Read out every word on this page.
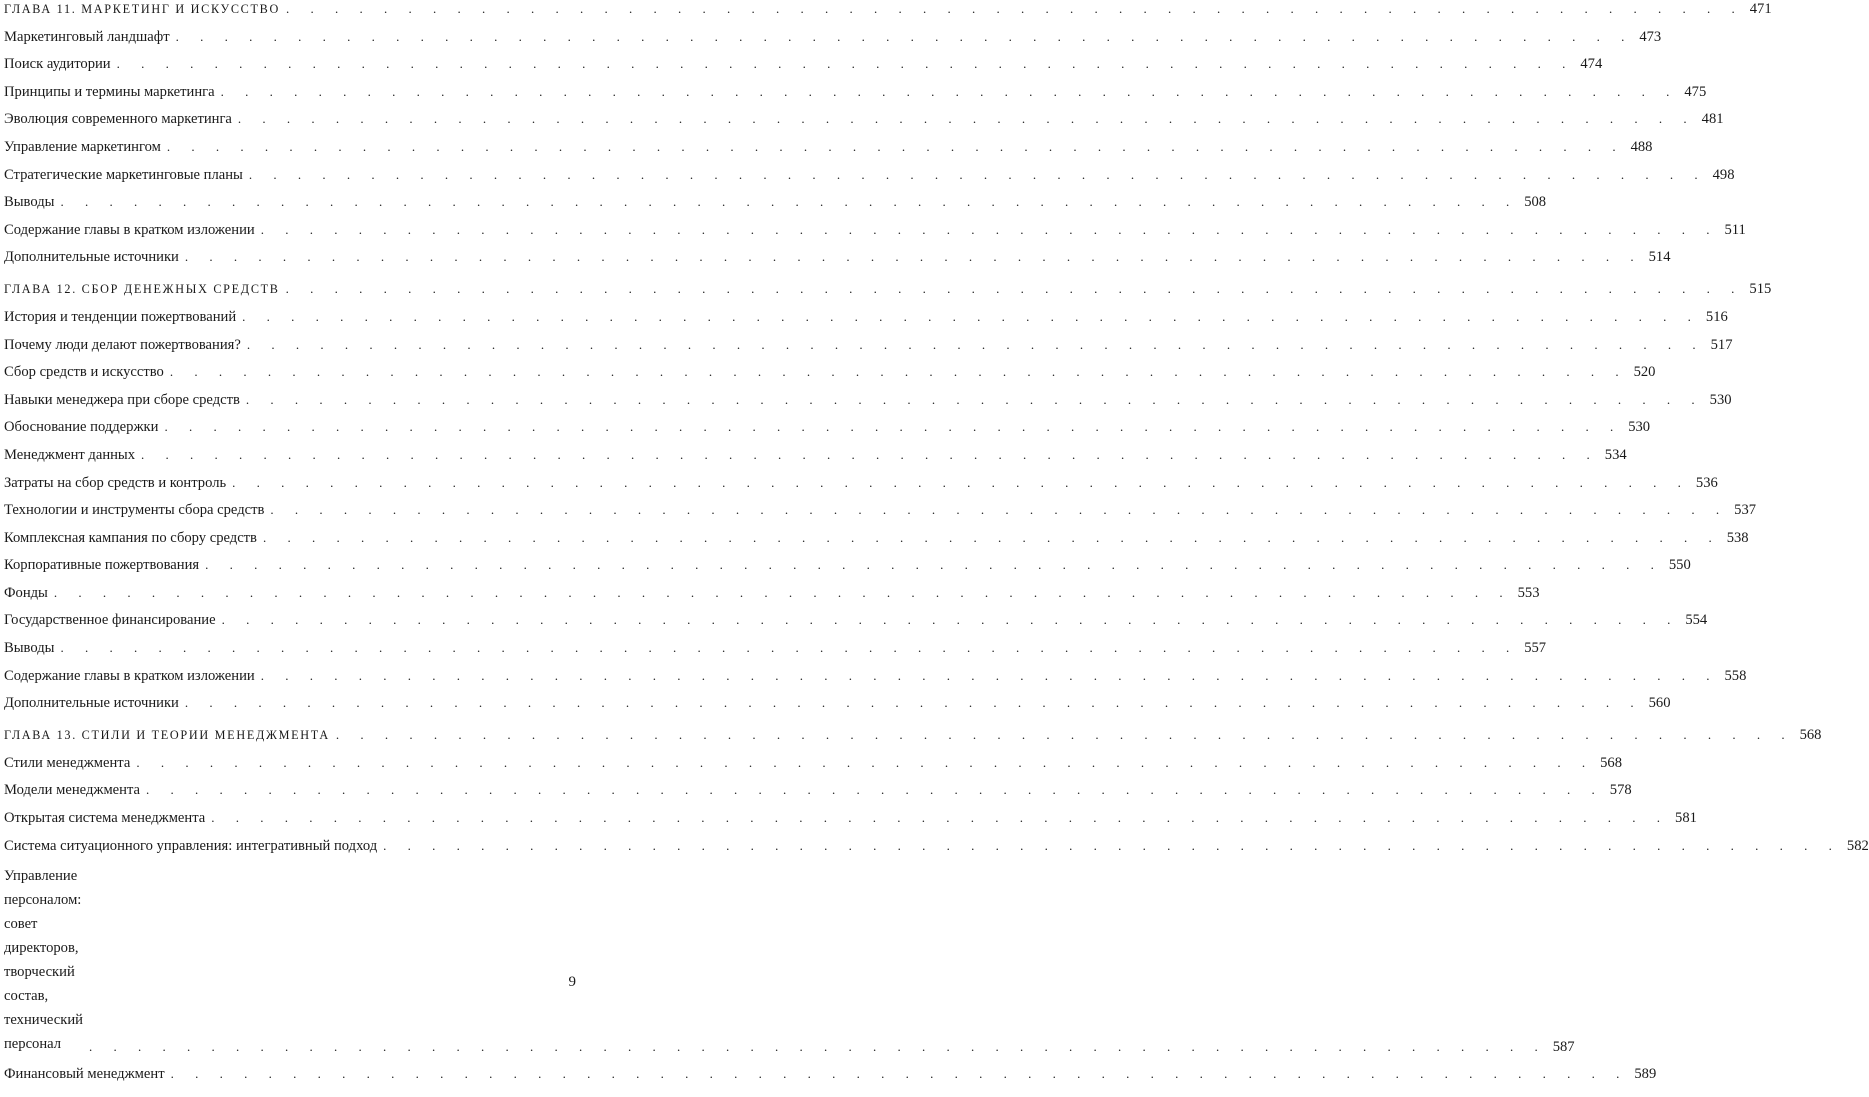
ГЛАВА 11. МАРКЕТИНГ И ИСКУССТВО . . . . . . . . . . . . . . . . . . . . . . . . . . . . . . . . . . . . . . . . . . . . . . . . . . . . . . . . . . . . 471
Маркетинговый ландшафт . . . . . . . . . . . . . . . . . . . . . . . . . . . . . . . . . . . . . . . . . . . . . . . . . . . . . . . . . . . . 473
Поиск аудитории . . . . . . . . . . . . . . . . . . . . . . . . . . . . . . . . . . . . . . . . . . . . . . . . . . . . . . . . . . . . 474
Принципы и термины маркетинга . . . . . . . . . . . . . . . . . . . . . . . . . . . . . . . . . . . . . . . . . . . . . . . . . . . . . . . . . . . . 475
Эволюция современного маркетинга . . . . . . . . . . . . . . . . . . . . . . . . . . . . . . . . . . . . . . . . . . . . . . . . . . . . . . . . . . . . 481
Управление маркетингом . . . . . . . . . . . . . . . . . . . . . . . . . . . . . . . . . . . . . . . . . . . . . . . . . . . . . . . . . . . . 488
Стратегические маркетинговые планы . . . . . . . . . . . . . . . . . . . . . . . . . . . . . . . . . . . . . . . . . . . . . . . . . . . . . . . . . . . . 498
Выводы . . . . . . . . . . . . . . . . . . . . . . . . . . . . . . . . . . . . . . . . . . . . . . . . . . . . . . . . . . . . 508
Содержание главы в кратком изложении . . . . . . . . . . . . . . . . . . . . . . . . . . . . . . . . . . . . . . . . . . . . . . . . . . . . . . . . . . . . 511
Дополнительные источники . . . . . . . . . . . . . . . . . . . . . . . . . . . . . . . . . . . . . . . . . . . . . . . . . . . . . . . . . . . . 514
ГЛАВА 12. СБОР ДЕНЕЖНЫХ СРЕДСТВ . . . . . . . . . . . . . . . . . . . . . . . . . . . . . . . . . . . . . . . . . . . . . . . . . . . . . . . . . . . . 515
История и тенденции пожертвований . . . . . . . . . . . . . . . . . . . . . . . . . . . . . . . . . . . . . . . . . . . . . . . . . . . . . . . . . . . . 516
Почему люди делают пожертвования? . . . . . . . . . . . . . . . . . . . . . . . . . . . . . . . . . . . . . . . . . . . . . . . . . . . . . . . . . . . . 517
Сбор средств и искусство . . . . . . . . . . . . . . . . . . . . . . . . . . . . . . . . . . . . . . . . . . . . . . . . . . . . . . . . . . . . 520
Навыки менеджера при сборе средств . . . . . . . . . . . . . . . . . . . . . . . . . . . . . . . . . . . . . . . . . . . . . . . . . . . . . . . . . . . . 530
Обоснование поддержки . . . . . . . . . . . . . . . . . . . . . . . . . . . . . . . . . . . . . . . . . . . . . . . . . . . . . . . . . . . . 530
Менеджмент данных . . . . . . . . . . . . . . . . . . . . . . . . . . . . . . . . . . . . . . . . . . . . . . . . . . . . . . . . . . . . 534
Затраты на сбор средств и контроль . . . . . . . . . . . . . . . . . . . . . . . . . . . . . . . . . . . . . . . . . . . . . . . . . . . . . . . . . . . . 536
Технологии и инструменты сбора средств . . . . . . . . . . . . . . . . . . . . . . . . . . . . . . . . . . . . . . . . . . . . . . . . . . . . . . . . . . . . 537
Комплексная кампания по сбору средств . . . . . . . . . . . . . . . . . . . . . . . . . . . . . . . . . . . . . . . . . . . . . . . . . . . . . . . . . . . . 538
Корпоративные пожертвования . . . . . . . . . . . . . . . . . . . . . . . . . . . . . . . . . . . . . . . . . . . . . . . . . . . . . . . . . . . . 550
Фонды . . . . . . . . . . . . . . . . . . . . . . . . . . . . . . . . . . . . . . . . . . . . . . . . . . . . . . . . . . . . 553
Государственное финансирование . . . . . . . . . . . . . . . . . . . . . . . . . . . . . . . . . . . . . . . . . . . . . . . . . . . . . . . . . . . . 554
Выводы . . . . . . . . . . . . . . . . . . . . . . . . . . . . . . . . . . . . . . . . . . . . . . . . . . . . . . . . . . . . 557
Содержание главы в кратком изложении . . . . . . . . . . . . . . . . . . . . . . . . . . . . . . . . . . . . . . . . . . . . . . . . . . . . . . . . . . . . 558
Дополнительные источники . . . . . . . . . . . . . . . . . . . . . . . . . . . . . . . . . . . . . . . . . . . . . . . . . . . . . . . . . . . . 560
ГЛАВА 13. СТИЛИ И ТЕОРИИ МЕНЕДЖМЕНТА . . . . . . . . . . . . . . . . . . . . . . . . . . . . . . . . . . . . . . . . . . . . . . . . . . . . . . . . . . . . 568
Стили менеджмента . . . . . . . . . . . . . . . . . . . . . . . . . . . . . . . . . . . . . . . . . . . . . . . . . . . . . . . . . . . . 568
Модели менеджмента . . . . . . . . . . . . . . . . . . . . . . . . . . . . . . . . . . . . . . . . . . . . . . . . . . . . . . . . . . . . 578
Открытая система менеджмента . . . . . . . . . . . . . . . . . . . . . . . . . . . . . . . . . . . . . . . . . . . . . . . . . . . . . . . . . . . . 581
Система ситуационного управления: интегративный подход . . . . . . . . . . . . . . . . . . . . . . . . . . . . . . . . . . . . . . . . . . . . . . . . . . . . . . . . . . . . 582
Управление персоналом: совет директоров, творческий состав, технический персонал	. . . . . . . . . . . . . . . . . . . . . . . . . . . . . . . . . . . . . . . . . . . . . . . . . . . . . . . . . . . . 587
Финансовый менеджмент . . . . . . . . . . . . . . . . . . . . . . . . . . . . . . . . . . . . . . . . . . . . . . . . . . . . . . . . . . . . 589
9
